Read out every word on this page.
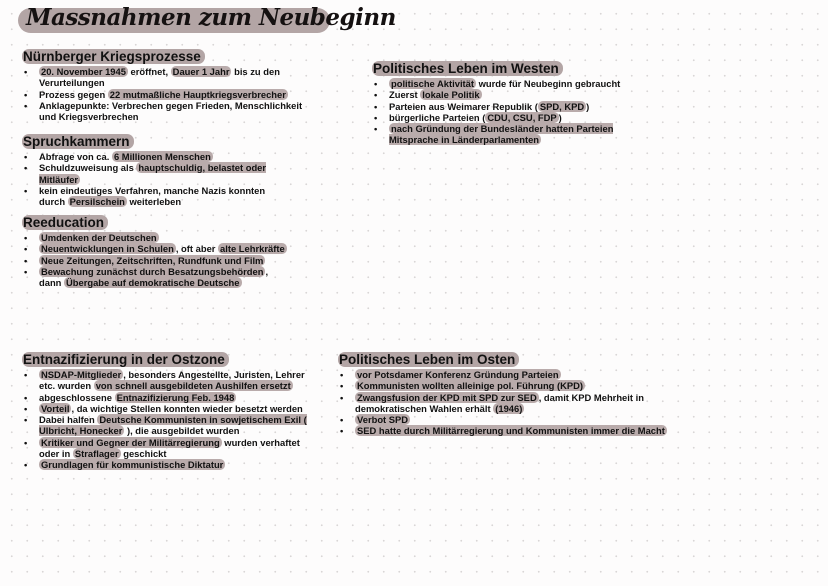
Massnahmen zum Neubeginn
Nürnberger Kriegsprozesse
• 20. November 1945 eröffnet, Dauer 1 Jahr bis zu den Verurteilungen
• Prozess gegen 22 mutmaßliche Hauptkriegsverbrecher
• Anklagepunkte: Verbrechen gegen Frieden, Menschlichkeit und Kriegsverbrechen
Spruchkammern
• Abfrage von ca. 6 Millionen Menschen
• Schuldzuweisung als hauptschuldig, belastet oder Mitläufer
• kein eindeutiges Verfahren, manche Nazis konnten durch Persilschein weiterleben
Reeducation
• Umdenken der Deutschen
• Neuentwicklungen in Schulen , oft aber alte Lehrkräfte
• Neue Zeitungen, Zeitschriften, Rundfunk und Film
• Bewachung zunächst durch Besatzungsbehörden , dann Übergabe auf demokratische Deutsche
Politisches Leben im Westen
• politische Aktivität wurde für Neubeginn gebraucht
• Zuerst lokale Politik
• Parteien aus Weimarer Republik ( SPD, KPD )
• bürgerliche Parteien ( CDU, CSU, FDP )
• nach Gründung der Bundesländer hatten Parteien Mitsprache in Länderparlamenten
Entnazifizierung in der Ostzone
• NSDAP-Mitglieder , besonders Angestellte, Juristen, Lehrer etc. wurden von schnell ausgebildeten Aushilfen ersetzt
• abgeschlossene Entnazifizierung Feb. 1948
• Vorteil , da wichtige Stellen konnten wieder besetzt werden
• Dabei halfen Deutsche Kommunisten in sowjetischem Exil ( Ulbricht, Honecker ), die ausgebildet wurden
• Kritiker und Gegner der Militärregierung wurden verhaftet oder in Straflager geschickt
• Grundlagen für kommunistische Diktatur
Politisches Leben im Osten
• vor Potsdamer Konferenz Gründung Parteien
• Kommunisten wollten alleinige pol. Führung (KPD)
• Zwangsfusion der KPD mit SPD zur SED , damit KPD Mehrheit in demokratischen Wahlen erhält (1946)
• Verbot SPD
• SED hatte durch Militärregierung und Kommunisten immer die Macht
